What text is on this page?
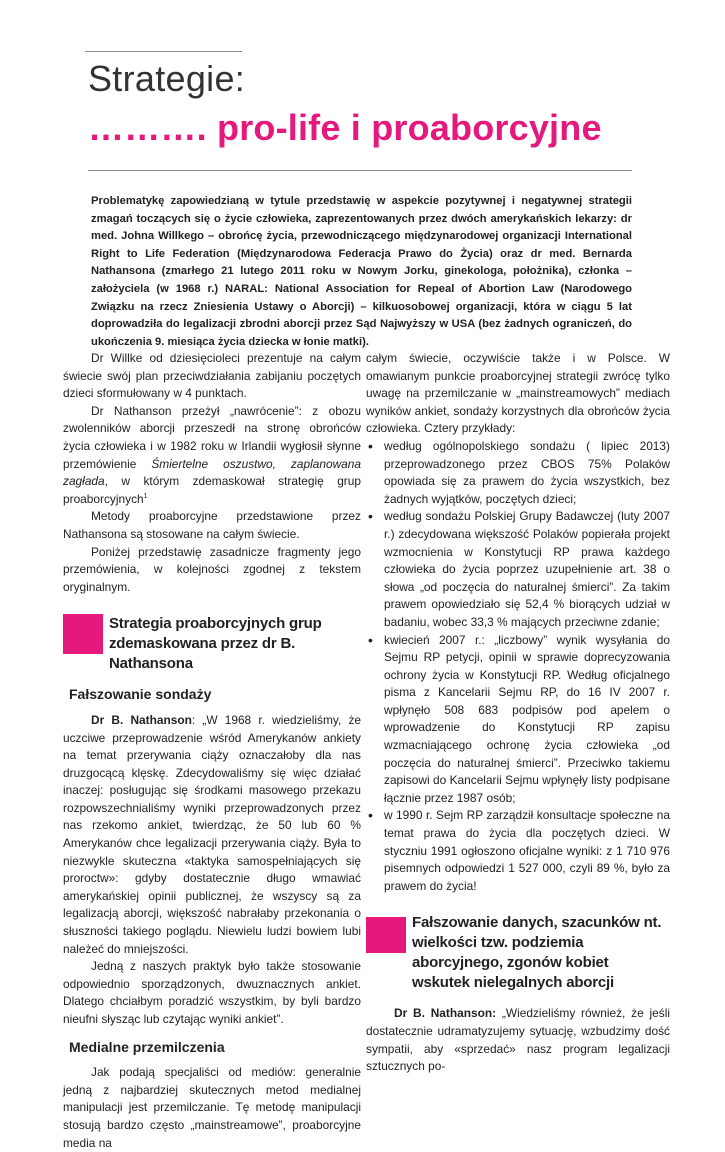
Strategie:
………. pro-life i proaborcyjne
Problematykę zapowiedzianą w tytule przedstawię w aspekcie pozytywnej i negatywnej strategii zmagań toczących się o życie człowieka, zaprezentowanych przez dwóch amerykańskich lekarzy: dr med. Johna Willkego – obrońcę życia, przewodniczącego międzynarodowej organizacji International Right to Life Federation (Międzynarodowa Federacja Prawo do Życia) oraz dr med. Bernarda Nathansona (zmarłego 21 lutego 2011 roku w Nowym Jorku, ginekologa, położnika), członka – założyciela (w 1968 r.) NARAL: National Association for Repeal of Abortion Law (Narodowego Związku na rzecz Zniesienia Ustawy o Aborcji) – kilkuosobowej organizacji, która w ciągu 5 lat doprowadziła do legalizacji zbrodni aborcji przez Sąd Najwyższy w USA (bez żadnych ograniczeń, do ukończenia 9. miesiąca życia dziecka w łonie matki).

Dr Willke od dziesięcioleci prezentuje na całym świecie swój plan przeciwdziałania zabijaniu poczętych dzieci sformułowany w 4 punktach.

Dr Nathanson przeżył „nawrócenie”: z obozu zwolenników aborcji przeszedł na stronę obrońców życia człowieka i w 1982 roku w Irlandii wygłosił słynne przemówienie Śmiertelne oszustwo, zaplanowana zagłada, w którym zdemaskował strategię grup proaborcyjnych$^1$

Metody proaborcyjne przedstawione przez Nathansona są stosowane na całym świecie.

Poniżej przedstawię zasadnicze fragmenty jego przemówienia, w kolejności zgodnej z tekstem oryginalnym.

Strategia proaborcyjnych grup zdemaskowana przez dr B. Nathansona
Fałszowanie sondaży

Dr B. Nathanson: „W 1968 r. wiedzieliśmy, że uczciwe przeprowadzenie wśród Amerykanów ankiety na temat przerywania ciąży oznaczałoby dla nas druzgocącą klęskę. Zdecydowaliśmy się więc działać inaczej: posługując się środkami masowego przekazu rozpowszechnialiśmy wyniki przeprowadzonych przez nas rzekomo ankiet, twierdząc, że 50 lub 60 % Amerykanów chce legalizacji przerywania ciąży. Była to niezwykle skuteczna «taktyka samospełniających się proroctw»: gdyby dostatecznie długo wmawiać amerykańskiej opinii publicznej, że wszyscy są za legalizacją aborcji, większość nabrałaby przekonania o słuszności takiego poglądu. Niewielu ludzi bowiem lubi należeć do mniejszości.

Jedną z naszych praktyk było także stosowanie odpowiednio sporządzonych, dwuznacznych ankiet. Dlatego chciałbym poradzić wszystkim, by byli bardzo nieufni słysząc lub czytając wyniki ankiet”.

Medialne przemilczenia

Jak podają specjaliści od mediów: generalnie jedną z najbardziej skutecznych metod medialnej manipulacji jest przemilczanie. Tę metodę manipulacji stosują bardzo często „mainstreamowe”, proaborcyjne media na

całym świecie, oczywiście także i w Polsce. W omawianym punkcie proaborcyjnej strategii zwrócę tylko uwagę na przemilczanie w „mainstreamowych” mediach wyników ankiet, sondaży korzystnych dla obrońców życia człowieka. Cztery przykłady:

• według ogólnopolskiego sondażu ( lipiec 2013) przeprowadzonego przez CBOS 75% Polaków opowiada się za prawem do życia wszystkich, bez żadnych wyjątków, poczętych dzieci;
• według sondażu Polskiej Grupy Badawczej (luty 2007 r.) zdecydowana większość Polaków popierała projekt wzmocnienia w Konstytucji RP prawa każdego człowieka do życia poprzez uzupełnienie art. 38 o słowa „od poczęcia do naturalnej śmierci”. Za takim prawem opowiedziało się 52,4 % biorących udział w badaniu, wobec 33,3 % mających przeciwne zdanie;
• kwiecień 2007 r.: „liczbowy” wynik wysyłania do Sejmu RP petycji, opinii w sprawie doprecyzowania ochrony życia w Konstytucji RP. Według oficjalnego pisma z Kancelarii Sejmu RP, do 16 IV 2007 r. wpłynęło 508 683 podpisów pod apelem o wprowadzenie do Konstytucji RP zapisu wzmacniającego ochronę życia człowieka „od poczęcia do naturalnej śmierci”. Przeciwko takiemu zapisowi do Kancelarii Sejmu wpłynęły listy podpisane łącznie przez 1987 osób;
• w 1990 r. Sejm RP zarządził konsultacje społeczne na temat prawa do życia dla poczętych dzieci. W styczniu 1991 ogłoszono oficjalne wyniki: z 1 710 976 pisemnych odpowiedzi 1 527 000, czyli 89 %, było za prawem do życia!
Fałszowanie danych, szacunków nt. wielkości tzw. podziemia aborcyjnego, zgonów kobiet wskutek nielegalnych aborcji

Dr B. Nathanson: „Wiedzieliśmy również, że jeśli dostatecznie udramatyzujemy sytuację, wzbudzimy dość sympatii, aby «sprzedać» nasz program legalizacji sztucznych po-
